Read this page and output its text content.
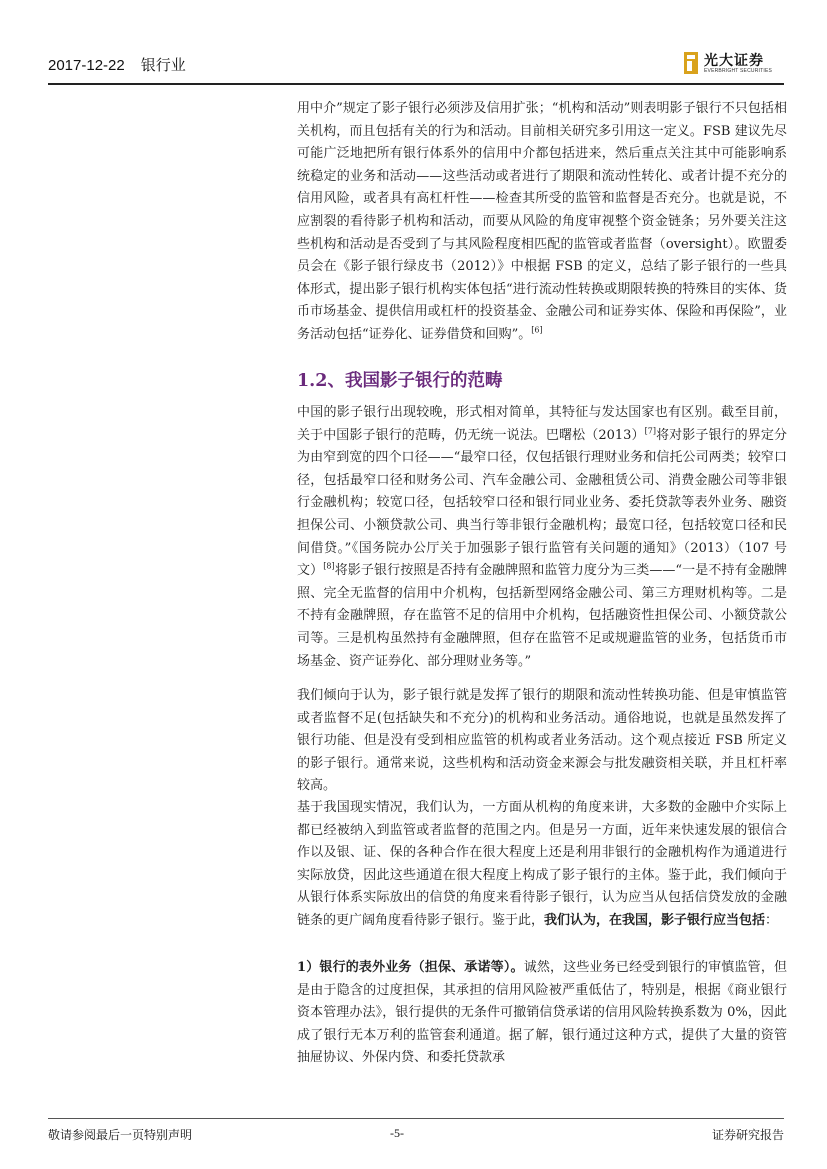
2017-12-22 银行业	光大证券
EVERBRIGHT SECURITIES

用中介”规定了影子银行必须涉及信用扩张；“机构和活动”则表明影子银行不只包括相关机构，而且包括有关的行为和活动。目前相关研究多引用这一定义。FSB 建议先尽可能广泛地把所有银行体系外的信用中介都包括进来，然后重点关注其中可能影响系统稳定的业务和活动——这些活动或者进行了期限和流动性转化、或者计提不充分的信用风险，或者具有高杠杆性——检查其所受的监管和监督是否充分。也就是说，不应割裂的看待影子机构和活动，而要从风险的角度审视整个资金链条；另外要关注这些机构和活动是否受到了与其风险程度相匹配的监管或者监督（oversight）。欧盟委员会在《影子银行绿皮书（2012）》中根据 FSB 的定义，总结了影子银行的一些具体形式，提出影子银行机构实体包括“进行流动性转换或期限转换的特殊目的实体、货币市场基金、提供信用或杠杆的投资基金、金融公司和证券实体、保险和再保险”，业务活动包括“证券化、证券借贷和回购”。[6]

1.2、我国影子银行的范畴

中国的影子银行出现较晚，形式相对简单，其特征与发达国家也有区别。截至目前，关于中国影子银行的范畴，仍无统一说法。巴曙松（2013）[7]将对影子银行的界定分为由窄到宽的四个口径——“最窄口径，仅包括银行理财业务和信托公司两类；较窄口径，包括最窄口径和财务公司、汽车金融公司、金融租赁公司、消费金融公司等非银行金融机构；较宽口径，包括较窄口径和银行同业业务、委托贷款等表外业务、融资担保公司、小额贷款公司、典当行等非银行金融机构；最宽口径，包括较宽口径和民间借贷。”《国务院办公厅关于加强影子银行监管有关问题的通知》（2013）（107 号文）[8]将影子银行按照是否持有金融牌照和监管力度分为三类——“一是不持有金融牌照、完全无监督的信用中介机构，包括新型网络金融公司、第三方理财机构等。二是不持有金融牌照，存在监管不足的信用中介机构，包括融资性担保公司、小额贷款公司等。三是机构虽然持有金融牌照，但存在监管不足或规避监管的业务，包括货币市场基金、资产证券化、部分理财业务等。”

我们倾向于认为，影子银行就是发挥了银行的期限和流动性转换功能、但是审慎监管或者监督不足(包括缺失和不充分)的机构和业务活动。通俗地说，也就是虽然发挥了银行功能、但是没有受到相应监管的机构或者业务活动。这个观点接近 FSB 所定义的影子银行。通常来说，这些机构和活动资金来源会与批发融资相关联，并且杠杆率较高。

基于我国现实情况，我们认为，一方面从机构的角度来讲，大多数的金融中介实际上都已经被纳入到监管或者监督的范围之内。但是另一方面，近年来快速发展的银信合作以及银、证、保的各种合作在很大程度上还是利用非银行的金融机构作为通道进行实际放贷，因此这些通道在很大程度上构成了影子银行的主体。鉴于此，我们倾向于从银行体系实际放出的信贷的角度来看待影子银行，认为应当从包括信贷发放的金融链条的更广阔角度看待影子银行。鉴于此，我们认为，在我国，影子银行应当包括：

1）银行的表外业务（担保、承诺等）。诚然，这些业务已经受到银行的审慎监管，但是由于隐含的过度担保，其承担的信用风险被严重低估了，特别是，根据《商业银行资本管理办法》，银行提供的无条件可撤销信贷承诺的信用风险转换系数为 0%，因此成了银行无本万利的监管套利通道。据了解，银行通过这种方式，提供了大量的资管抽屉协议、外保内贷、和委托贷款承

敬请参阅最后一页特别声明	-5-	证券研究报告
